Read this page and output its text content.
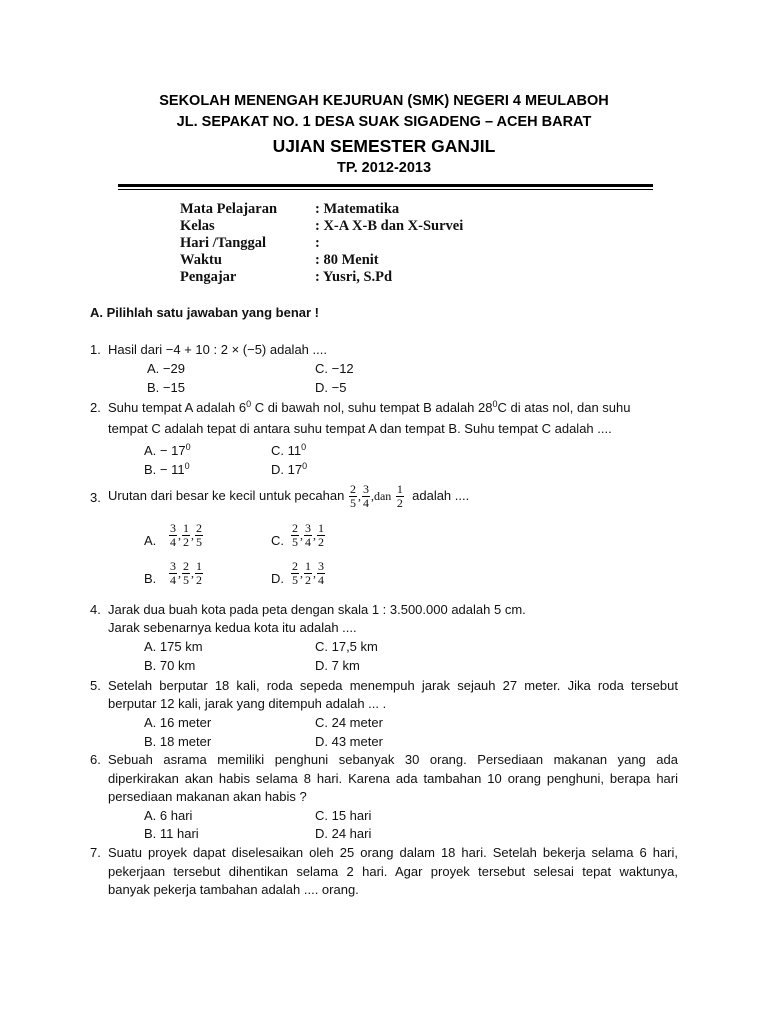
SEKOLAH MENENGAH KEJURUAN (SMK) NEGERI 4 MEULABOH
JL. SEPAKAT NO. 1 DESA SUAK SIGADENG – ACEH BARAT
UJIAN SEMESTER GANJIL
TP. 2012-2013
Mata Pelajaran	: Matematika
Kelas	: X-A X-B dan X-Survei
Hari /Tanggal	:
Waktu	: 80 Menit
Pengajar	: Yusri, S.Pd
A. Pilihlah satu jawaban yang benar !
1. Hasil dari −4 + 10 : 2 × (−5) adalah ....
A. −29	C. −12
B. −15	D. −5
2. Suhu tempat A adalah $6^0$ C di bawah nol, suhu tempat B adalah $28^0C$ di atas nol, dan suhu
tempat C adalah tepat di antara suhu tempat A dan tempat B. Suhu tempat C adalah ....
A. − $17^0$	C. $11^0$
B. − $11^0$	D. $17^0$
3. Urutan dari besar ke kecil untuk pecahan $\frac{2}{5}$ , $\frac{3}{4} ,dan \frac{1}{2}$ adalah ....
A. $\frac{3}{4}$ , $\frac{1}{2}$ , $\frac{2}{5}$	C. $\frac{2}{5}$ , $\frac{3}{4}$ , $\frac{1}{2}$
B. $\frac{3}{4}$ , $\frac{2}{5}$ , $\frac{1}{2}$	D. $\frac{2}{5}$ , $\frac{1}{2}$ , $\frac{3}{4}$
4. Jarak dua buah kota pada peta dengan skala 1 : 3.500.000 adalah 5 cm.
Jarak sebenarnya kedua kota itu adalah ....
A. 175 km	C. 17,5 km
B. 70 km	D. 7 km
5. Setelah berputar 18 kali, roda sepeda menempuh jarak sejauh 27 meter. Jika roda tersebut
berputar 12 kali, jarak yang ditempuh adalah ... .
A. 16 meter	C. 24 meter
B. 18 meter	D. 43 meter
6. Sebuah asrama memiliki penghuni sebanyak 30 orang. Persediaan makanan yang ada
diperkirakan akan habis selama 8 hari. Karena ada tambahan 10 orang penghuni, berapa hari
persediaan makanan akan habis ?
A. 6 hari	C. 15 hari
B. 11 hari	D. 24 hari
7. Suatu proyek dapat diselesaikan oleh 25 orang dalam 18 hari. Setelah bekerja selama 6 hari,
pekerjaan tersebut dihentikan selama 2 hari. Agar proyek tersebut selesai tepat waktunya,
banyak pekerja tambahan adalah .... orang.
